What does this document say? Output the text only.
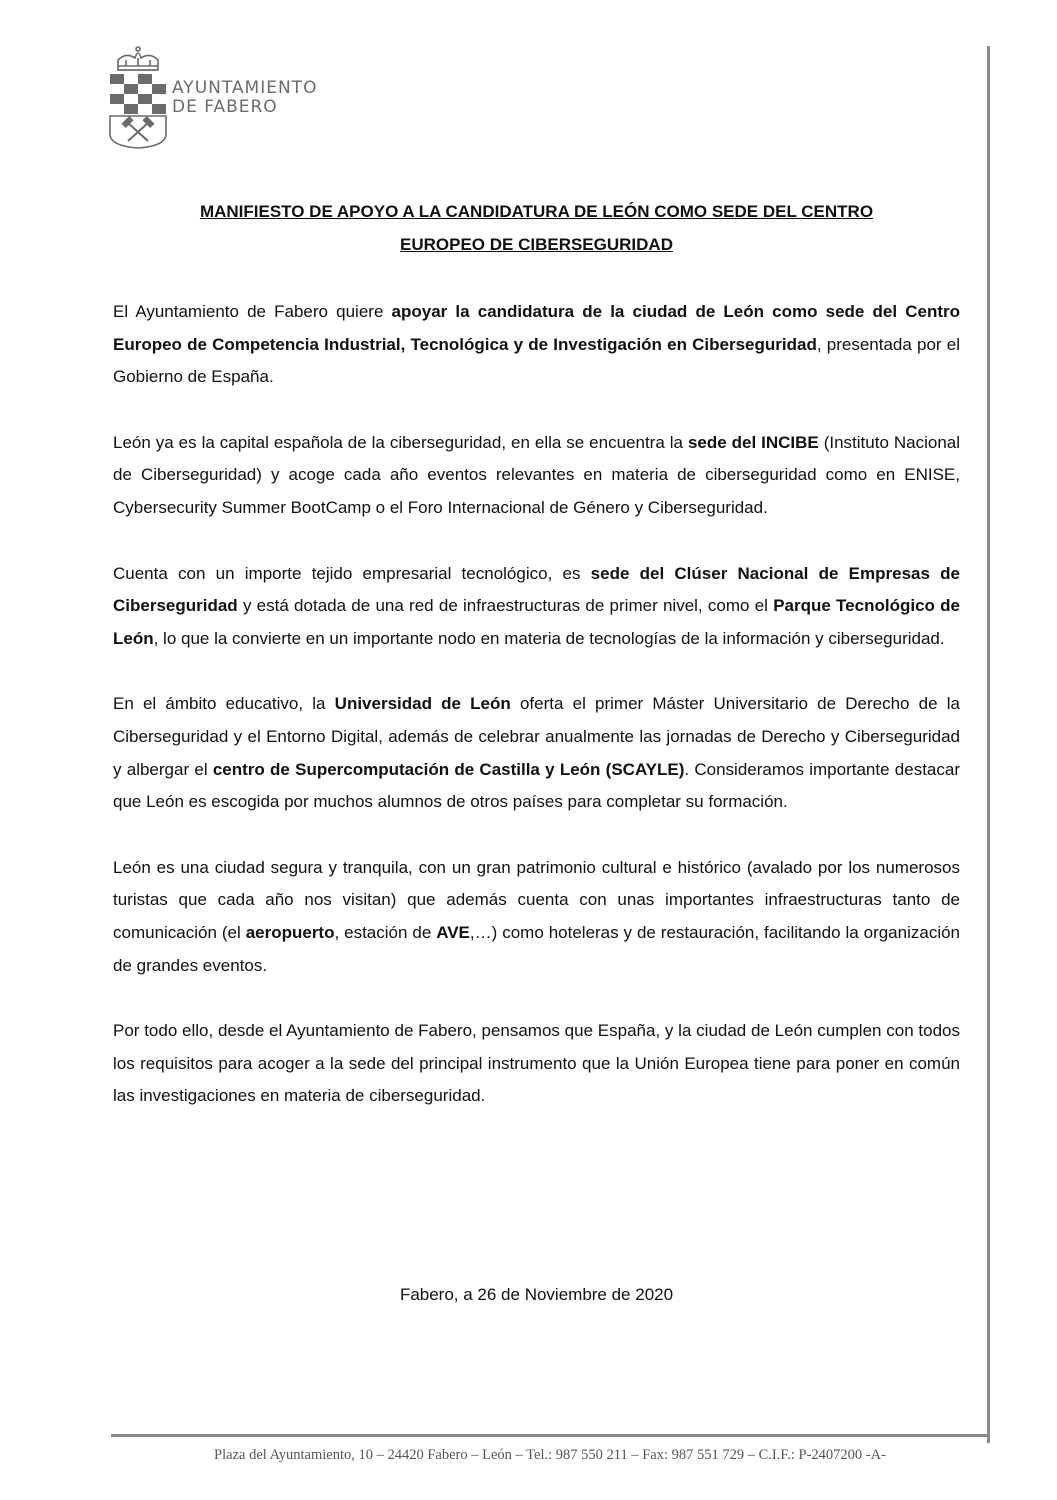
AYUNTAMIENTO
DE FABERO
MANIFIESTO DE APOYO A LA CANDIDATURA DE LEÓN COMO SEDE DEL CENTRO
EUROPEO DE CIBERSEGURIDAD

El Ayuntamiento de Fabero quiere apoyar la candidatura de la ciudad de León como sede del Centro Europeo de Competencia Industrial, Tecnológica y de Investigación en Ciberseguridad, presentada por el Gobierno de España.

León ya es la capital española de la ciberseguridad, en ella se encuentra la sede del INCIBE (Instituto Nacional de Ciberseguridad) y acoge cada año eventos relevantes en materia de ciberseguridad como en ENISE, Cybersecurity Summer BootCamp o el Foro Internacional de Género y Ciberseguridad.

Cuenta con un importe tejido empresarial tecnológico, es sede del Clúser Nacional de Empresas de Ciberseguridad y está dotada de una red de infraestructuras de primer nivel, como el Parque Tecnológico de León, lo que la convierte en un importante nodo en materia de tecnologías de la información y ciberseguridad.

En el ámbito educativo, la Universidad de León oferta el primer Máster Universitario de Derecho de la Ciberseguridad y el Entorno Digital, además de celebrar anualmente las jornadas de Derecho y Ciberseguridad y albergar el centro de Supercomputación de Castilla y León (SCAYLE). Consideramos importante destacar que León es escogida por muchos alumnos de otros países para completar su formación.

León es una ciudad segura y tranquila, con un gran patrimonio cultural e histórico (avalado por los numerosos turistas que cada año nos visitan) que además cuenta con unas importantes infraestructuras tanto de comunicación (el aeropuerto, estación de AVE,…) como hoteleras y de restauración, facilitando la organización de grandes eventos.

Por todo ello, desde el Ayuntamiento de Fabero, pensamos que España, y la ciudad de León cumplen con todos los requisitos para acoger a la sede del principal instrumento que la Unión Europea tiene para poner en común las investigaciones en materia de ciberseguridad.

Fabero, a 26 de Noviembre de 2020
Plaza del Ayuntamiento, 10 – 24420 Fabero – León – Tel.: 987 550 211 – Fax: 987 551 729 – C.I.F.: P-2407200 -A-
